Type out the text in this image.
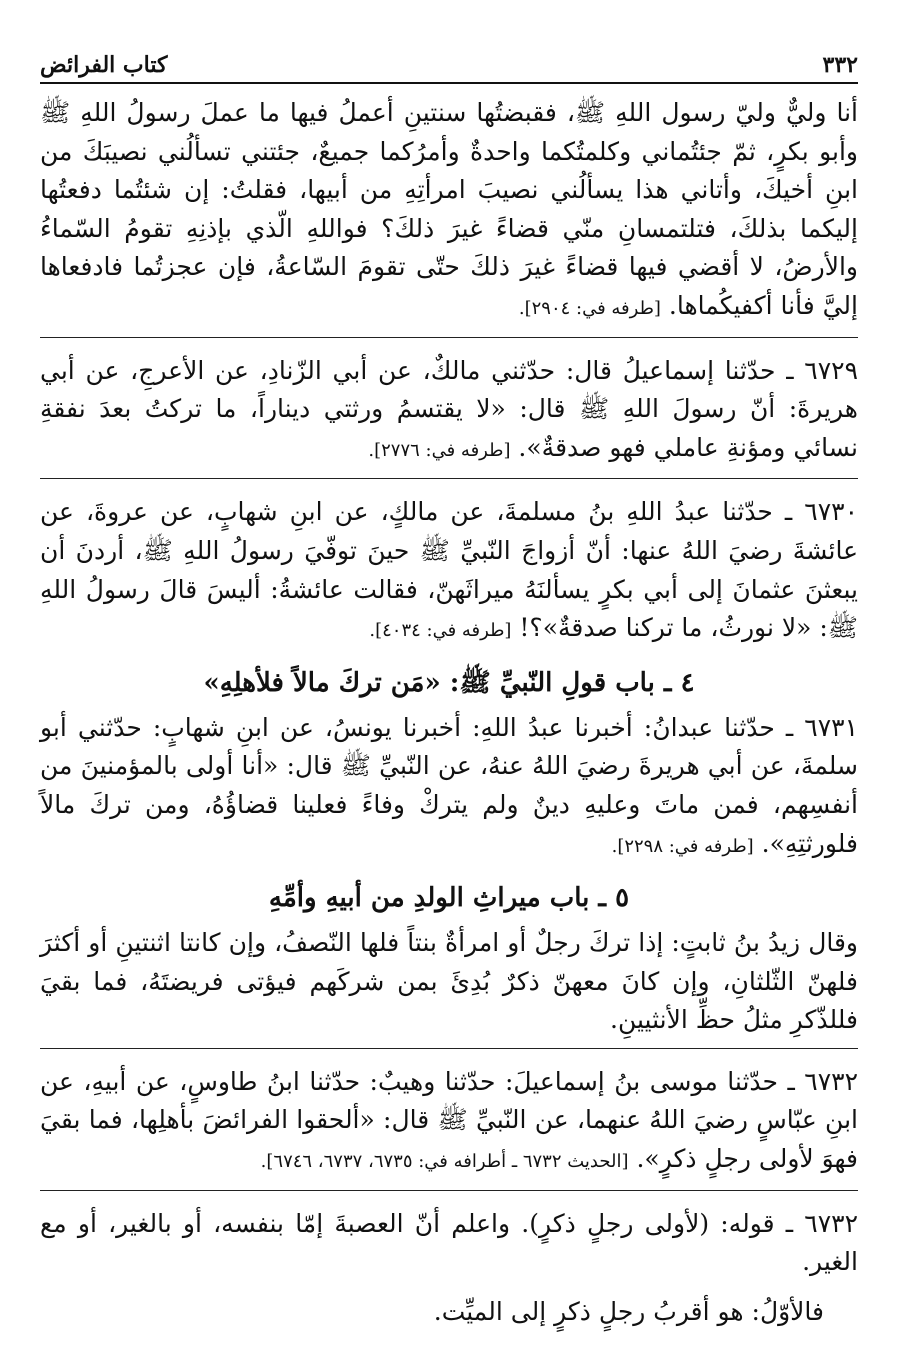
٣٣٢
كتاب الفرائض

أنا وليٌّ وليّ رسول اللهِ ﷺ، فقبضتُها سنتينِ أعملُ فيها ما عملَ رسولُ اللهِ ﷺ وأبو بكرٍ، ثمّ جئتُماني وكلمتُكما واحدةٌ وأمرُكما جميعٌ، جئتني تسألُني نصيبَكَ من ابنِ أخيكَ، وأتاني هذا يسألُني نصيبَ امرأتِهِ من أبيها، فقلتُ: إن شئتُما دفعتُها إليكما بذلكَ، فتلتمسانِ منّي قضاءً غيرَ ذلكَ؟ فواللهِ الّذي بإذنِهِ تقومُ السّماءُ والأرضُ، لا أقضي فيها قضاءً غيرَ ذلكَ حتّى تقومَ السّاعةُ، فإن عجزتُما فادفعاها إليَّ فأنا أكفيكُماها. [طرفه في: ٢٩٠٤].

٦٧٢٩ ـ حدّثنا إسماعيلُ قال: حدّثني مالكٌ، عن أبي الزّنادِ، عن الأعرجِ، عن أبي هريرةَ: أنّ رسولَ اللهِ ﷺ قال: «لا يقتسمُ ورثتي ديناراً، ما تركتُ بعدَ نفقةِ نسائي ومؤنةِ عاملي فهو صدقةٌ». [طرفه في: ٢٧٧٦].

٦٧٣٠ ـ حدّثنا عبدُ اللهِ بنُ مسلمةَ، عن مالكٍ، عن ابنِ شهابٍ، عن عروةَ، عن عائشةَ رضيَ اللهُ عنها: أنّ أزواجَ النّبيِّ ﷺ حينَ توفّيَ رسولُ اللهِ ﷺ، أردنَ أن يبعثنَ عثمانَ إلى أبي بكرٍ يسألنَهُ ميراثَهنّ، فقالت عائشةُ: أليسَ قالَ رسولُ اللهِ ﷺ: «لا نورثُ، ما تركنا صدقةٌ»؟! [طرفه في: ٤٠٣٤].

٤ ـ باب قولِ النّبيِّ ﷺ: «مَن تركَ مالاً فلأهلِهِ»

٦٧٣١ ـ حدّثنا عبدانُ: أخبرنا عبدُ اللهِ: أخبرنا يونسُ، عن ابنِ شهابٍ: حدّثني أبو سلمةَ، عن أبي هريرةَ رضيَ اللهُ عنهُ، عن النّبيِّ ﷺ قال: «أنا أولى بالمؤمنينَ من أنفسِهم، فمن ماتَ وعليهِ دينٌ ولم يتركْ وفاءً فعلينا قضاؤُهُ، ومن تركَ مالاً فلورثتِهِ». [طرفه في: ٢٢٩٨].

٥ ـ باب ميراثِ الولدِ من أبيهِ وأمِّهِ

وقال زيدُ بنُ ثابتٍ: إذا تركَ رجلٌ أو امرأةٌ بنتاً فلها النّصفُ، وإن كانتا اثنتينِ أو أكثرَ فلهنّ الثّلثانِ، وإن كانَ معهنّ ذكرٌ بُدِئَ بمن شركَهم فيؤتى فريضتَهُ، فما بقيَ فللذّكرِ مثلُ حظِّ الأنثيينِ.

٦٧٣٢ ـ حدّثنا موسى بنُ إسماعيلَ: حدّثنا وهيبٌ: حدّثنا ابنُ طاوسٍ، عن أبيهِ، عن ابنِ عبّاسٍ رضيَ اللهُ عنهما، عن النّبيِّ ﷺ قال: «ألحقوا الفرائضَ بأهلِها، فما بقيَ فهوَ لأولى رجلٍ ذكرٍ». [الحديث ٦٧٣٢ ـ أطرافه في: ٦٧٣٥، ٦٧٣٧، ٦٧٤٦].

٦٧٣٢ ـ قوله: (لأولى رجلٍ ذكرٍ). واعلم أنّ العصبةَ إمّا بنفسه، أو بالغير، أو مع الغير.

فالأوّلُ: هو أقربُ رجلٍ ذكرٍ إلى الميِّت.
